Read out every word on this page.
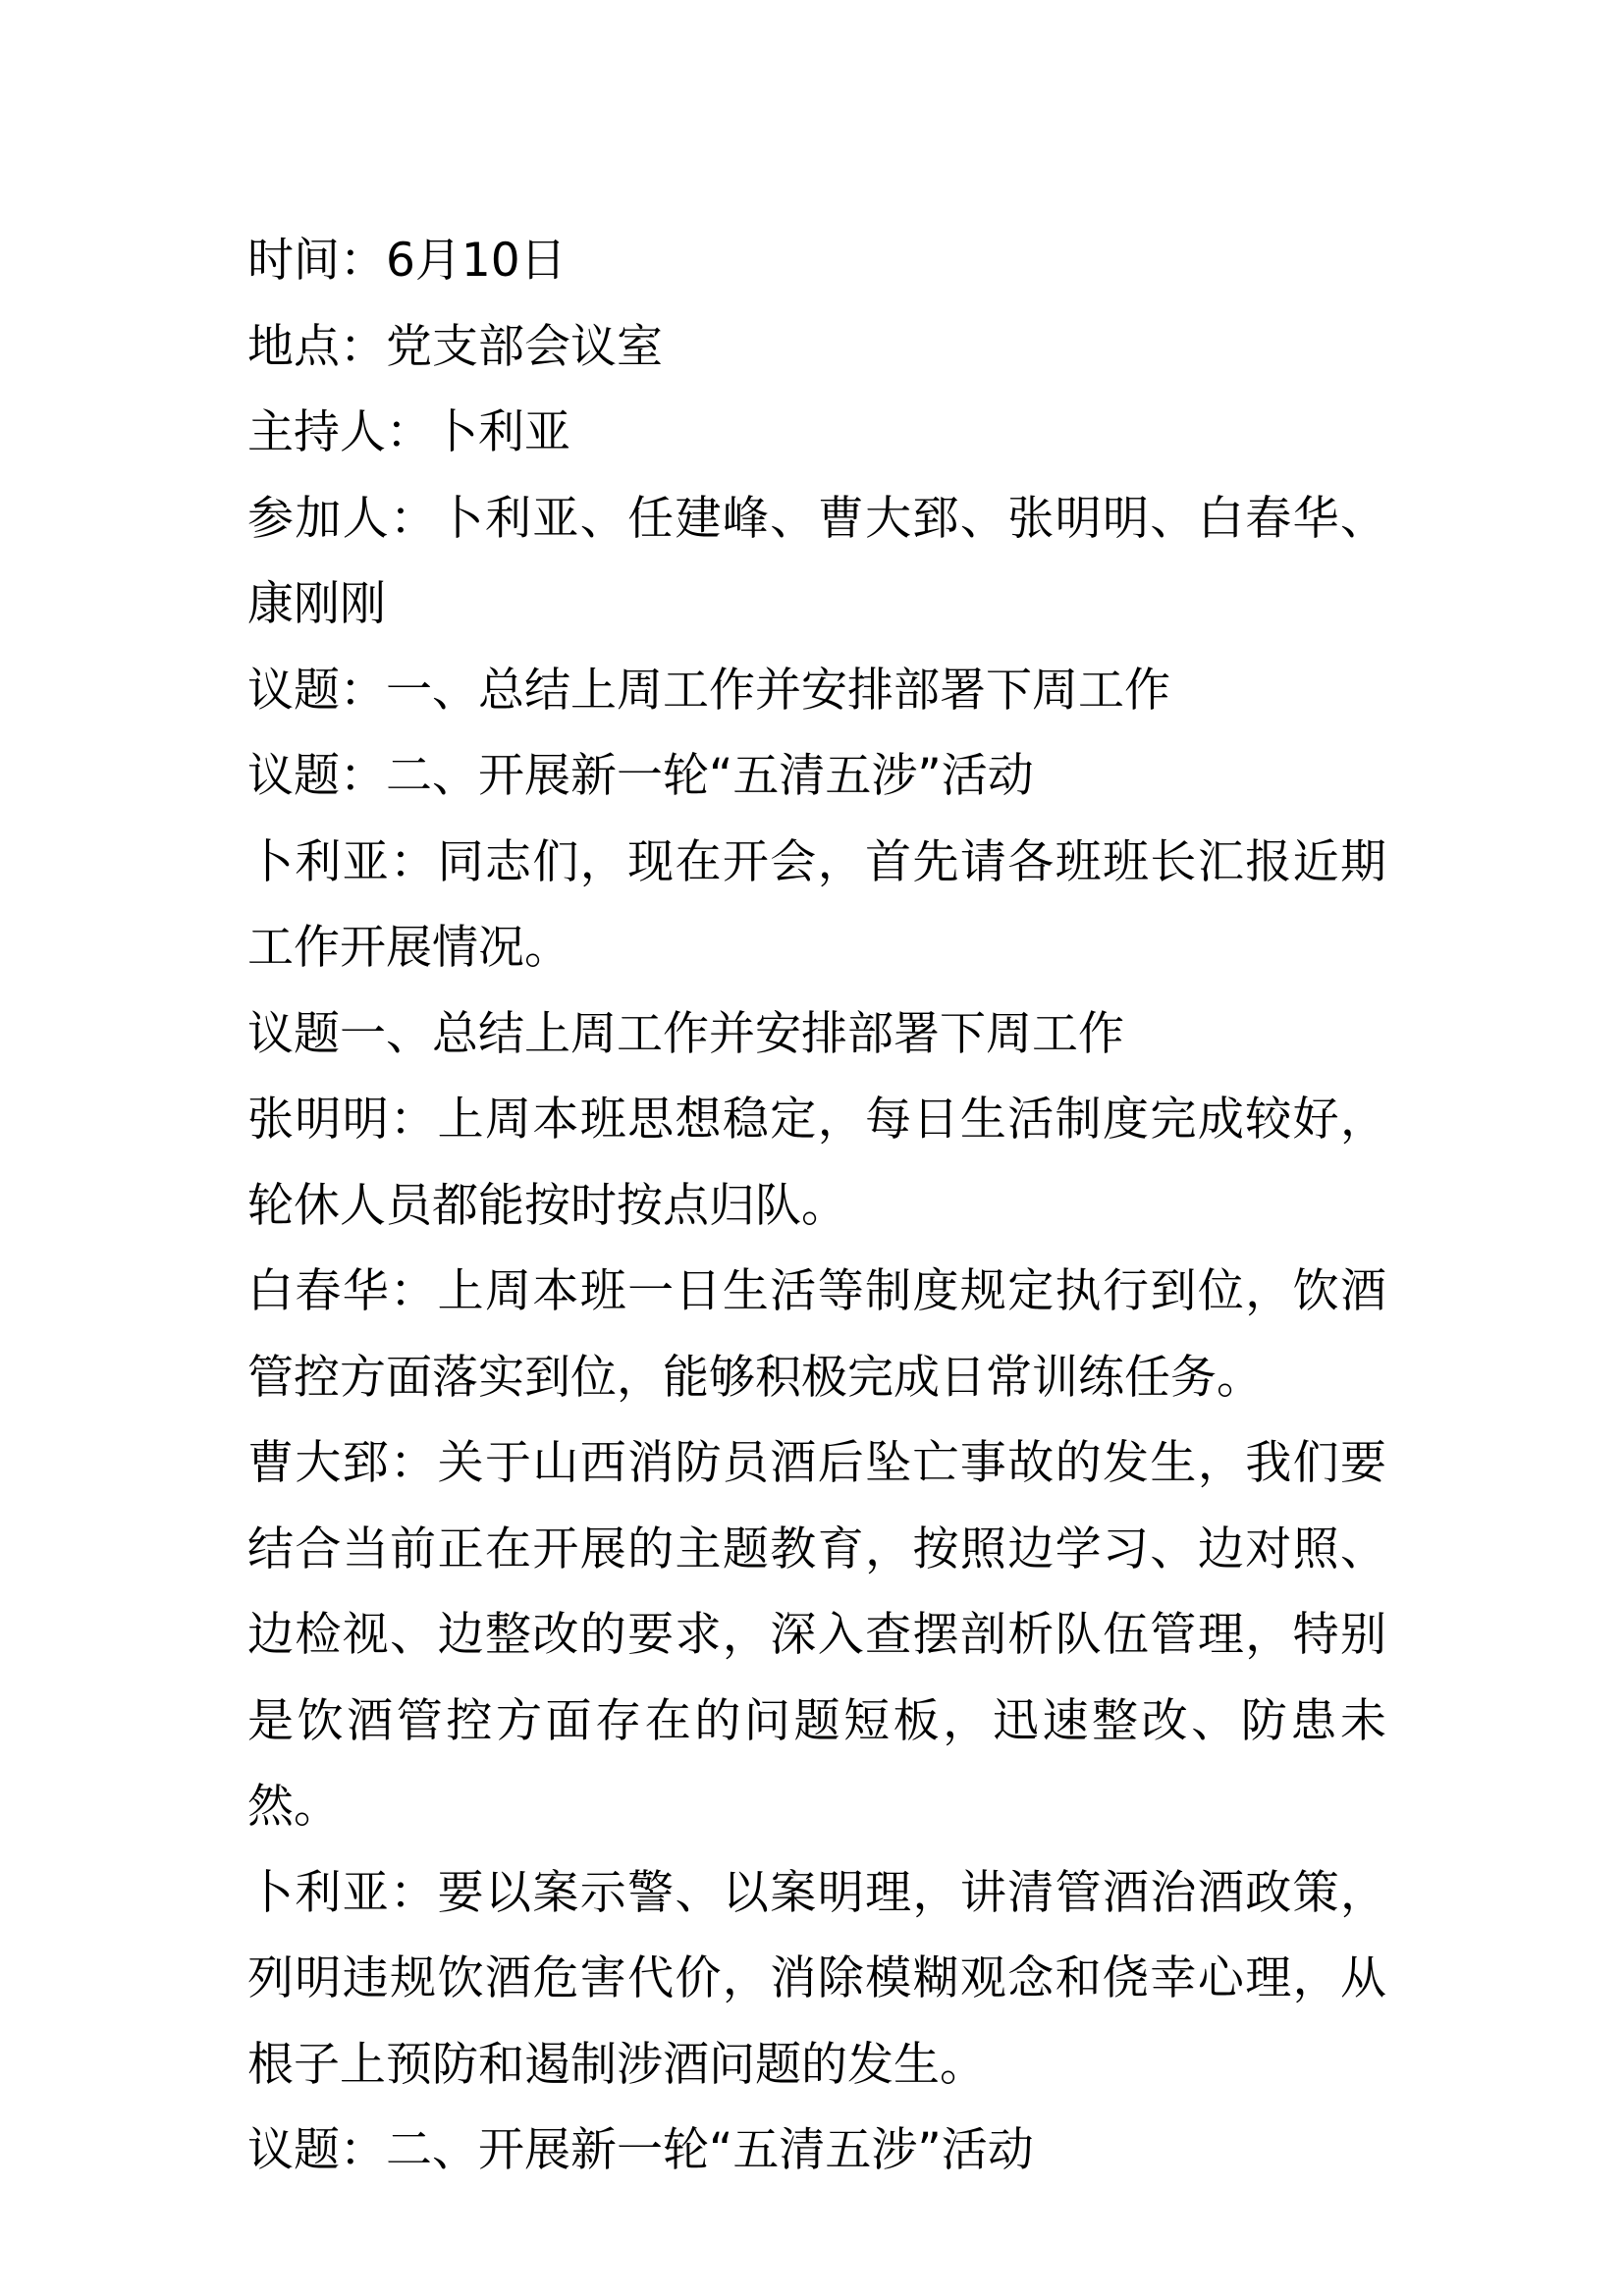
时间：6月10日

地点：党支部会议室

主持人：卜利亚

参加人：卜利亚、任建峰、曹大郅、张明明、白春华、康刚刚

议题：一、总结上周工作并安排部署下周工作

议题：二、开展新一轮“五清五涉”活动

卜利亚：同志们，现在开会，首先请各班班长汇报近期工作开展情况。

议题一、总结上周工作并安排部署下周工作

张明明：上周本班思想稳定，每日生活制度完成较好，轮休人员都能按时按点归队。

白春华：上周本班一日生活等制度规定执行到位，饮酒管控方面落实到位，能够积极完成日常训练任务。

曹大郅：关于山西消防员酒后坠亡事故的发生，我们要结合当前正在开展的主题教育，按照边学习、边对照、边检视、边整改的要求，深入查摆剖析队伍管理，特别是饮酒管控方面存在的问题短板，迅速整改、防患未然。

卜利亚：要以案示警、以案明理，讲清管酒治酒政策，列明违规饮酒危害代价，消除模糊观念和侥幸心理，从根子上预防和遏制涉酒问题的发生。

议题：二、开展新一轮“五清五涉”活动
